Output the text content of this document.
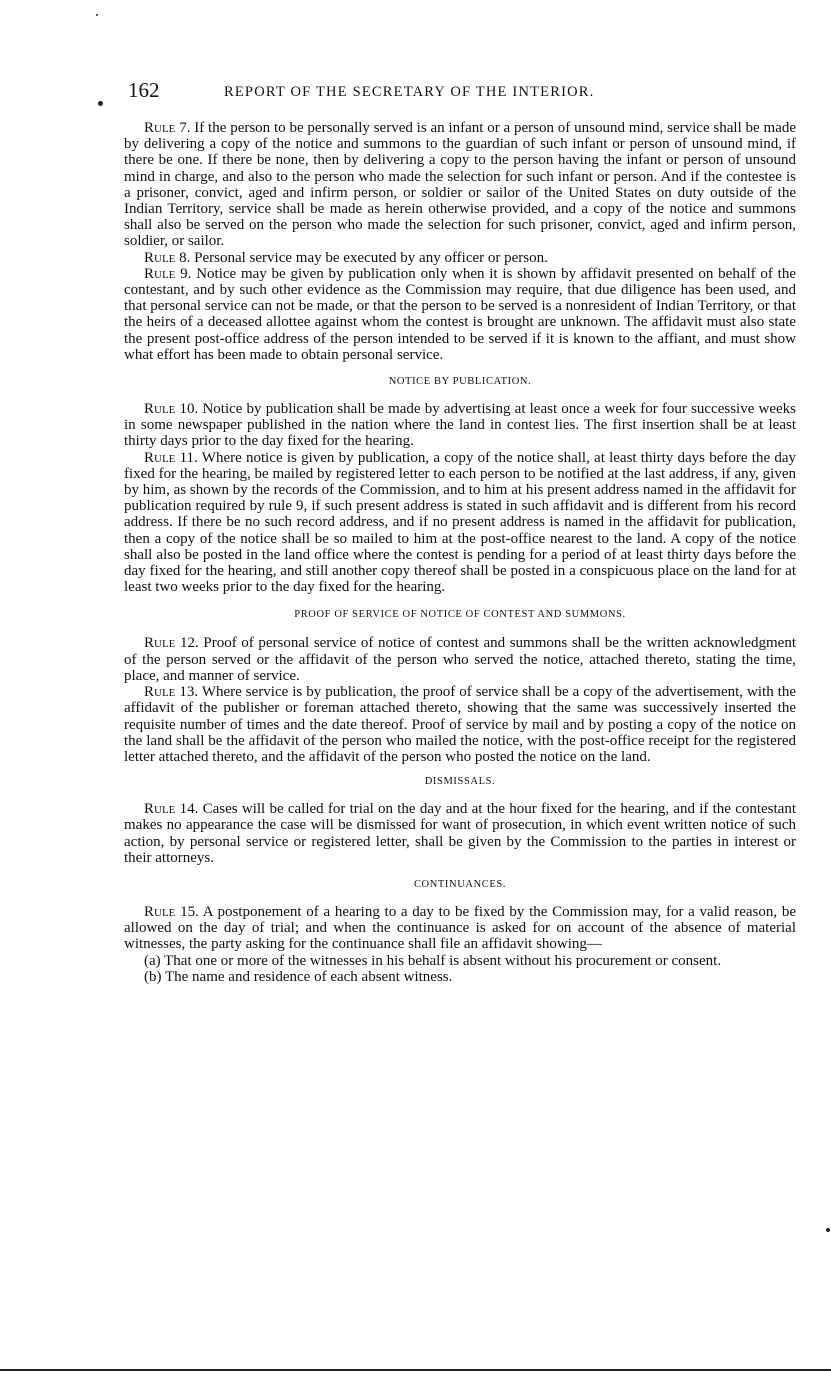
162	REPORT OF THE SECRETARY OF THE INTERIOR.

Rule 7. If the person to be personally served is an infant or a person of unsound mind, service shall be made by delivering a copy of the notice and summons to the guardian of such infant or person of unsound mind, if there be one. If there be none, then by delivering a copy to the person having the infant or person of unsound mind in charge, and also to the person who made the selection for such infant or person. And if the contestee is a prisoner, convict, aged and infirm person, or soldier or sailor of the United States on duty outside of the Indian Territory, service shall be made as herein otherwise provided, and a copy of the notice and summons shall also be served on the person who made the selection for such prisoner, convict, aged and infirm person, soldier, or sailor.

Rule 8. Personal service may be executed by any officer or person.

Rule 9. Notice may be given by publication only when it is shown by affidavit presented on behalf of the contestant, and by such other evidence as the Commission may require, that due diligence has been used, and that personal service can not be made, or that the person to be served is a nonresident of Indian Territory, or that the heirs of a deceased allottee against whom the contest is brought are unknown. The affidavit must also state the present post-office address of the person intended to be served if it is known to the affiant, and must show what effort has been made to obtain personal service.

NOTICE BY PUBLICATION.

Rule 10. Notice by publication shall be made by advertising at least once a week for four successive weeks in some newspaper published in the nation where the land in contest lies. The first insertion shall be at least thirty days prior to the day fixed for the hearing.

Rule 11. Where notice is given by publication, a copy of the notice shall, at least thirty days before the day fixed for the hearing, be mailed by registered letter to each person to be notified at the last address, if any, given by him, as shown by the records of the Commission, and to him at his present address named in the affidavit for publication required by rule 9, if such present address is stated in such affidavit and is different from his record address. If there be no such record address, and if no present address is named in the affidavit for publication, then a copy of the notice shall be so mailed to him at the post-office nearest to the land. A copy of the notice shall also be posted in the land office where the contest is pending for a period of at least thirty days before the day fixed for the hearing, and still another copy thereof shall be posted in a conspicuous place on the land for at least two weeks prior to the day fixed for the hearing.

PROOF OF SERVICE OF NOTICE OF CONTEST AND SUMMONS.

Rule 12. Proof of personal service of notice of contest and summons shall be the written acknowledgment of the person served or the affidavit of the person who served the notice, attached thereto, stating the time, place, and manner of service.

Rule 13. Where service is by publication, the proof of service shall be a copy of the advertisement, with the affidavit of the publisher or foreman attached thereto, showing that the same was successively inserted the requisite number of times and the date thereof. Proof of service by mail and by posting a copy of the notice on the land shall be the affidavit of the person who mailed the notice, with the post-office receipt for the registered letter attached thereto, and the affidavit of the person who posted the notice on the land.

DISMISSALS.

Rule 14. Cases will be called for trial on the day and at the hour fixed for the hearing, and if the contestant makes no appearance the case will be dismissed for want of prosecution, in which event written notice of such action, by personal service or registered letter, shall be given by the Commission to the parties in interest or their attorneys.

CONTINUANCES.

Rule 15. A postponement of a hearing to a day to be fixed by the Commission may, for a valid reason, be allowed on the day of trial; and when the continuance is asked for on account of the absence of material witnesses, the party asking for the continuance shall file an affidavit showing—

(a) That one or more of the witnesses in his behalf is absent without his procurement or consent.

(b) The name and residence of each absent witness.
